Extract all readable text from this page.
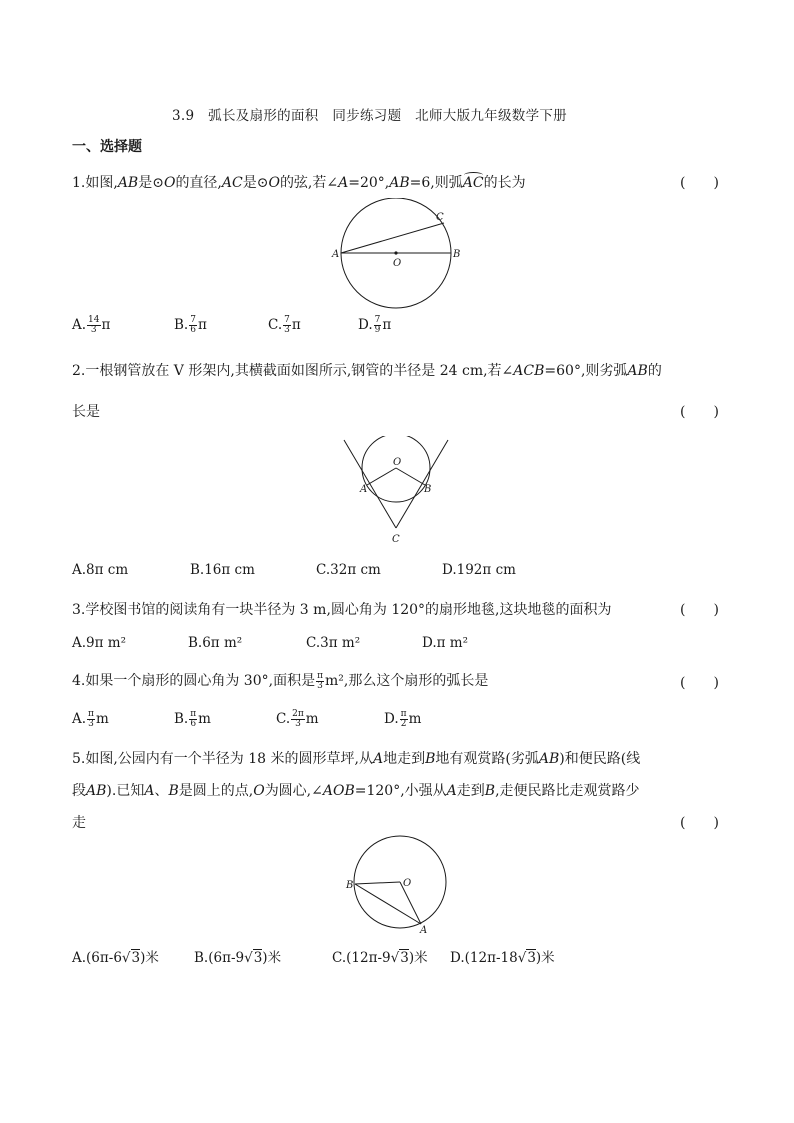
3.9　弧长及扇形的面积　同步练习题　北师大版九年级数学下册
一、选择题
1.如图,AB是⊙O的直径,AC是⊙O的弦,若∠A=20°,AB=6,则弧AC的长为	(　　)
A	B
C
O
A. $\frac{14}{3}$ π	B. $\frac{7}{6}$ π	C. $\frac{7}{3}$ π	D. $\frac{7}{9}$ π
2.一根钢管放在 V 形架内,其横截面如图所示,钢管的半径是 24 cm,若∠ACB=60°,则劣弧AB的
长是	(　　)
O
A	B
C
A.8π cm	B.16π cm	C.32π cm	D.192π cm
3.学校图书馆的阅读角有一块半径为 3 m,圆心角为 120°的扇形地毯,这块地毯的面积为	(　　)
A.9π m²	B.6π m²	C.3π m²	D.π m²
4.如果一个扇形的圆心角为 30°,面积是 $\frac{\pi}{3} m^2$,那么这个扇形的弧长是	(　　)
A. $\frac{\pi}{3}$ m	B. $\frac{\pi}{6}$ m	C. $\frac{2\pi}{3}$ m	D. $\frac{\pi}{2}$ m
5.如图,公园内有一个半径为 18 米的圆形草坪,从A地走到B地有观赏路(劣弧AB)和便民路(线
段AB).已知A、B是圆上的点,O为圆心,∠AOB=120°,小强从A走到B,走便民路比走观赏路少
走	(　　)
B	O
A
A.(6π-6√3)米	B.(6π-9√3)米	C.(12π-9√3)米 D.(12π-18√3)米
